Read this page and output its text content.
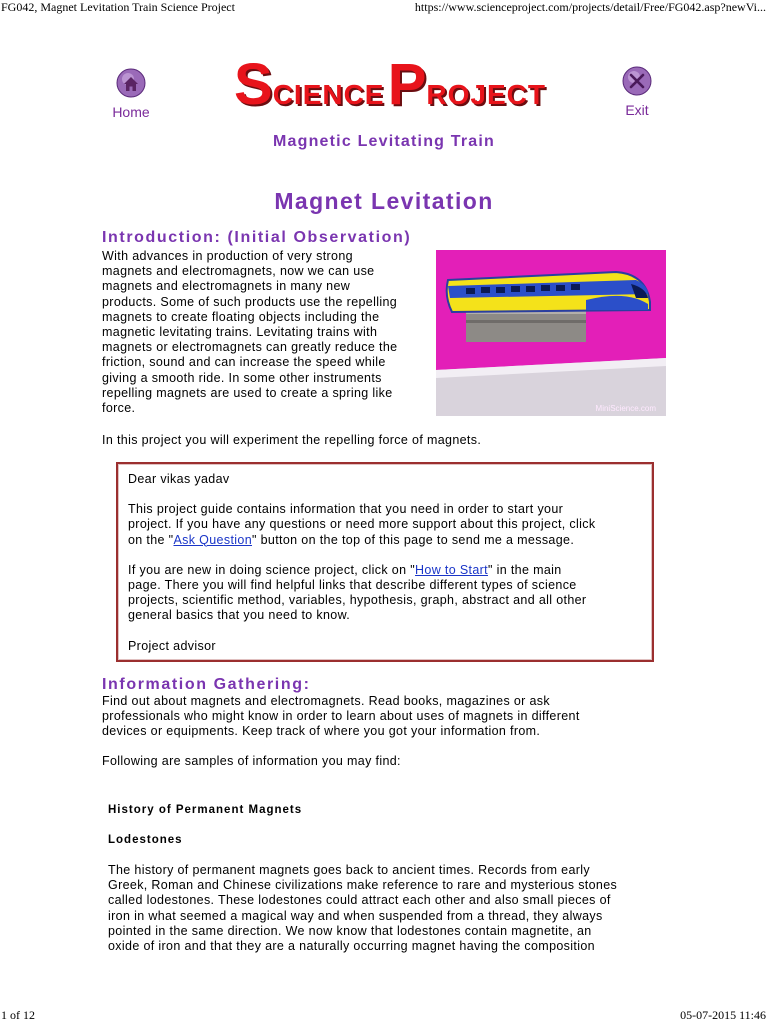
FG042, Magnet Levitation Train Science Project	https://www.scienceproject.com/projects/detail/Free/FG042.asp?newVi...
Home SCIENCE PROJECT	Exit
Magnetic Levitating Train
Magnet Levitation
Introduction: (Initial Observation)
With advances in production of very strong
magnets and electromagnets, now we can use
magnets and electromagnets in many new
products. Some of such products use the repelling
magnets to create floating objects including the
magnetic levitating trains. Levitating trains with
magnets or electromagnets can greatly reduce the
friction, sound and can increase the speed while
giving a smooth ride. In some other instruments
repelling magnets are used to create a spring like
force.	MiniScience.com
In this project you will experiment the repelling force of magnets.

Dear vikas yadav

This project guide contains information that you need in order to start your
project. If you have any questions or need more support about this project, click
on the "Ask Question" button on the top of this page to send me a message.

If you are new in doing science project, click on "How to Start" in the main
page. There you will find helpful links that describe different types of science
projects, scientific method, variables, hypothesis, graph, abstract and all other
general basics that you need to know.

Project advisor

Information Gathering:
Find out about magnets and electromagnets. Read books, magazines or ask
professionals who might know in order to learn about uses of magnets in different
devices or equipments. Keep track of where you got your information from.
Following are samples of information you may find:
History of Permanent Magnets
Lodestones
The history of permanent magnets goes back to ancient times. Records from early
Greek, Roman and Chinese civilizations make reference to rare and mysterious stones
called lodestones. These lodestones could attract each other and also small pieces of
iron in what seemed a magical way and when suspended from a thread, they always
pointed in the same direction. We now know that lodestones contain magnetite, an
oxide of iron and that they are a naturally occurring magnet having the composition
1 of 12	05-07-2015 11:46
